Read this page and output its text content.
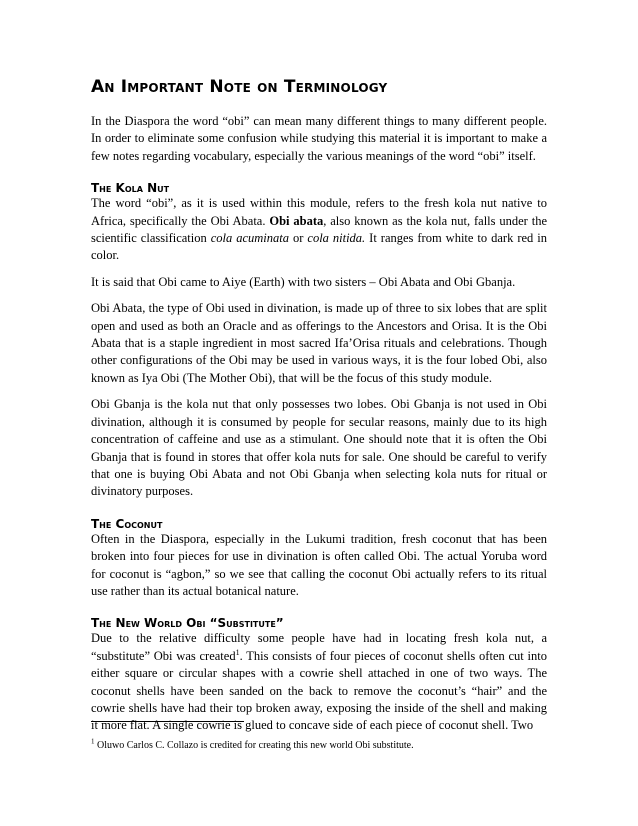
An Important Note on Terminology

In the Diaspora the word “obi” can mean many different things to many different people. In order to eliminate some confusion while studying this material it is important to make a few notes regarding vocabulary, especially the various meanings of the word “obi” itself.

The Kola Nut

The word “obi”, as it is used within this module, refers to the fresh kola nut native to Africa, specifically the Obi Abata. Obi abata, also known as the kola nut, falls under the scientific classification cola acuminata or cola nitida. It ranges from white to dark red in color.

It is said that Obi came to Aiye (Earth) with two sisters – Obi Abata and Obi Gbanja.

Obi Abata, the type of Obi used in divination, is made up of three to six lobes that are split open and used as both an Oracle and as offerings to the Ancestors and Orisa. It is the Obi Abata that is a staple ingredient in most sacred Ifa’Orisa rituals and celebrations. Though other configurations of the Obi may be used in various ways, it is the four lobed Obi, also known as Iya Obi (The Mother Obi), that will be the focus of this study module.

Obi Gbanja is the kola nut that only possesses two lobes. Obi Gbanja is not used in Obi divination, although it is consumed by people for secular reasons, mainly due to its high concentration of caffeine and use as a stimulant. One should note that it is often the Obi Gbanja that is found in stores that offer kola nuts for sale. One should be careful to verify that one is buying Obi Abata and not Obi Gbanja when selecting kola nuts for ritual or divinatory purposes.

The Coconut

Often in the Diaspora, especially in the Lukumi tradition, fresh coconut that has been broken into four pieces for use in divination is often called Obi. The actual Yoruba word for coconut is “agbon,” so we see that calling the coconut Obi actually refers to its ritual use rather than its actual botanical nature.

The New World Obi “Substitute”

Due to the relative difficulty some people have had in locating fresh kola nut, a “substitute” Obi was created$^1$. This consists of four pieces of coconut shells often cut into either square or circular shapes with a cowrie shell attached in one of two ways. The coconut shells have been sanded on the back to remove the coconut’s “hair” and the cowrie shells have had their top broken away, exposing the inside of the shell and making it more flat. A single cowrie is glued to concave side of each piece of coconut shell. Two

$^1$ Oluwo Carlos C. Collazo is credited for creating this new world Obi substitute.
